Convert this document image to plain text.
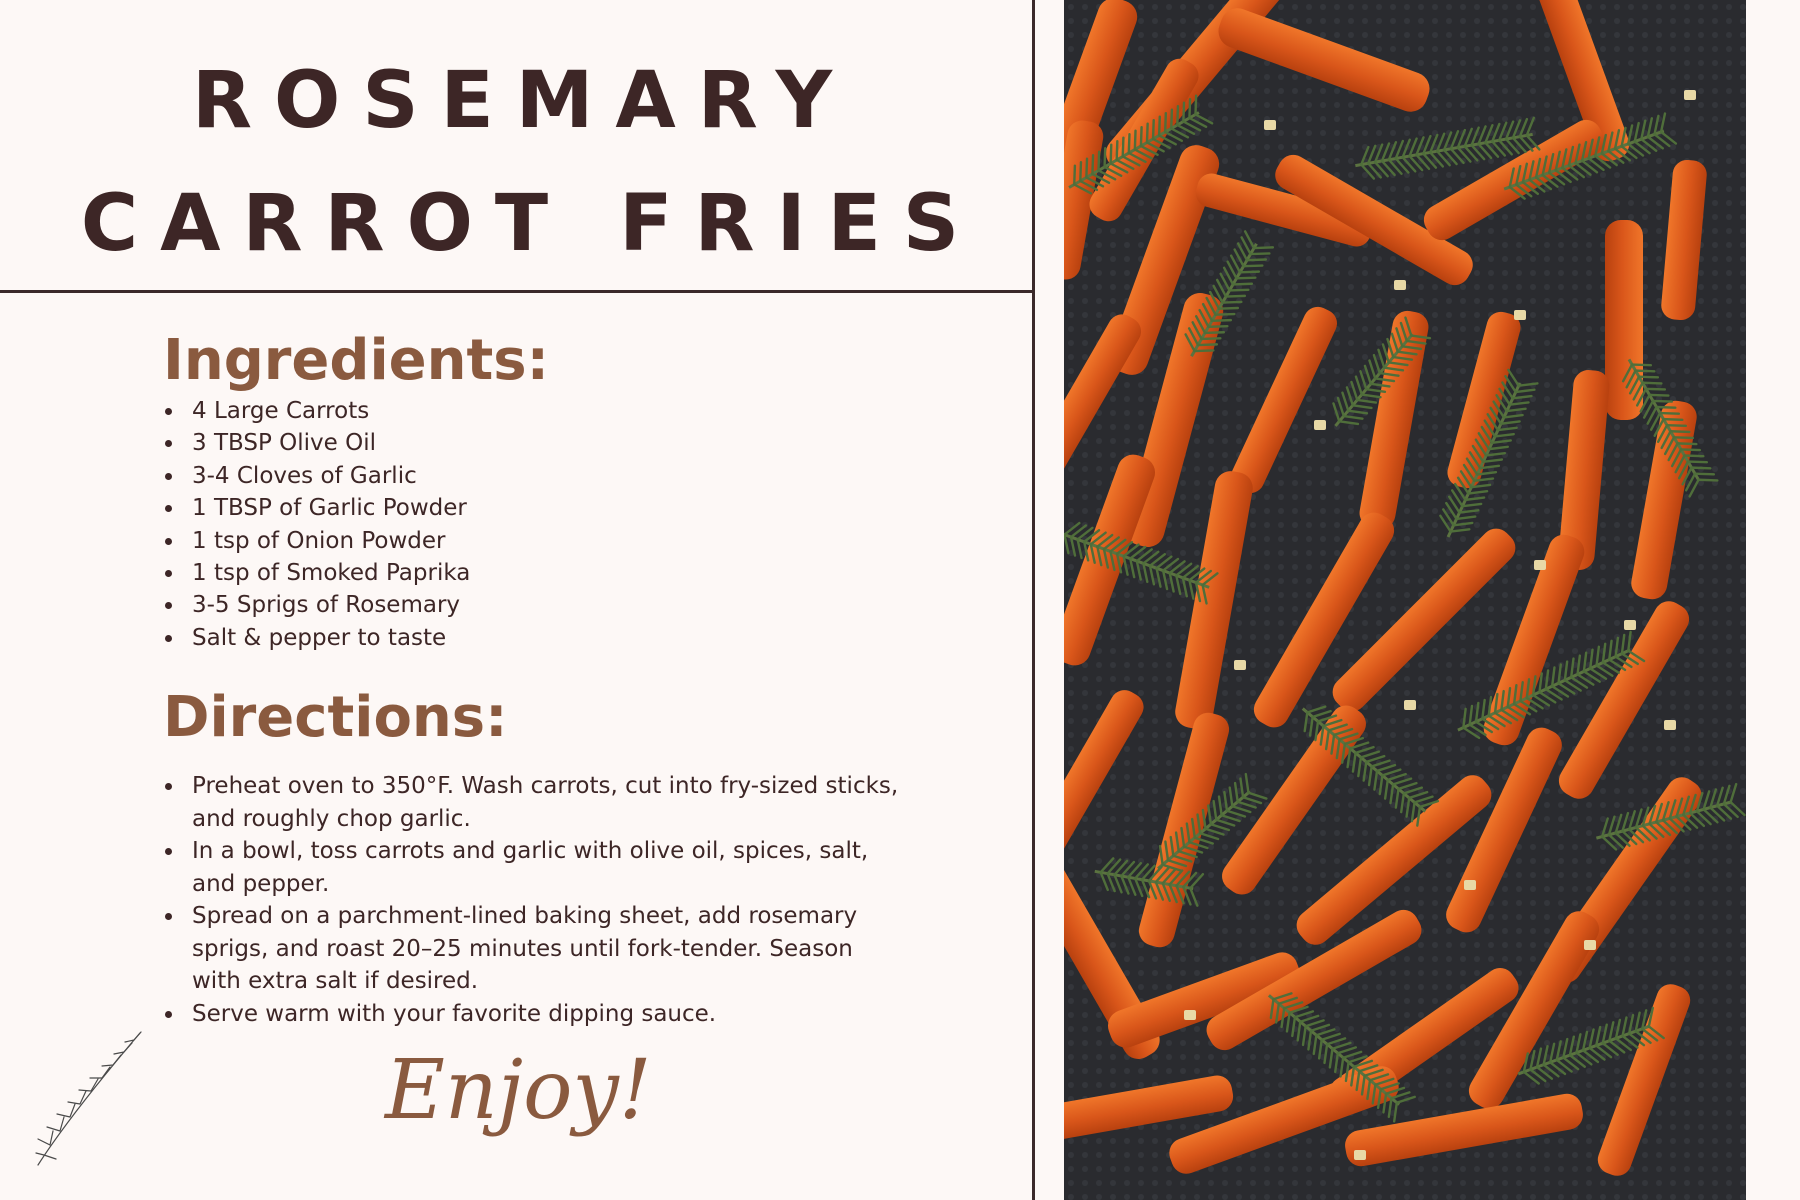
ROSEMARY
CARROT FRIES
Ingredients:
4 Large Carrots
3 TBSP Olive Oil
3-4 Cloves of Garlic
1 TBSP of Garlic Powder
1 tsp of Onion Powder
1 tsp of Smoked Paprika
3-5 Sprigs of Rosemary
Salt & pepper to taste
Directions:
Preheat oven to 350°F. Wash carrots, cut into fry-sized sticks, and roughly chop garlic.
In a bowl, toss carrots and garlic with olive oil, spices, salt, and pepper.
Spread on a parchment-lined baking sheet, add rosemary sprigs, and roast 20–25 minutes until fork-tender. Season with extra salt if desired.
Serve warm with your favorite dipping sauce.
Enjoy!
